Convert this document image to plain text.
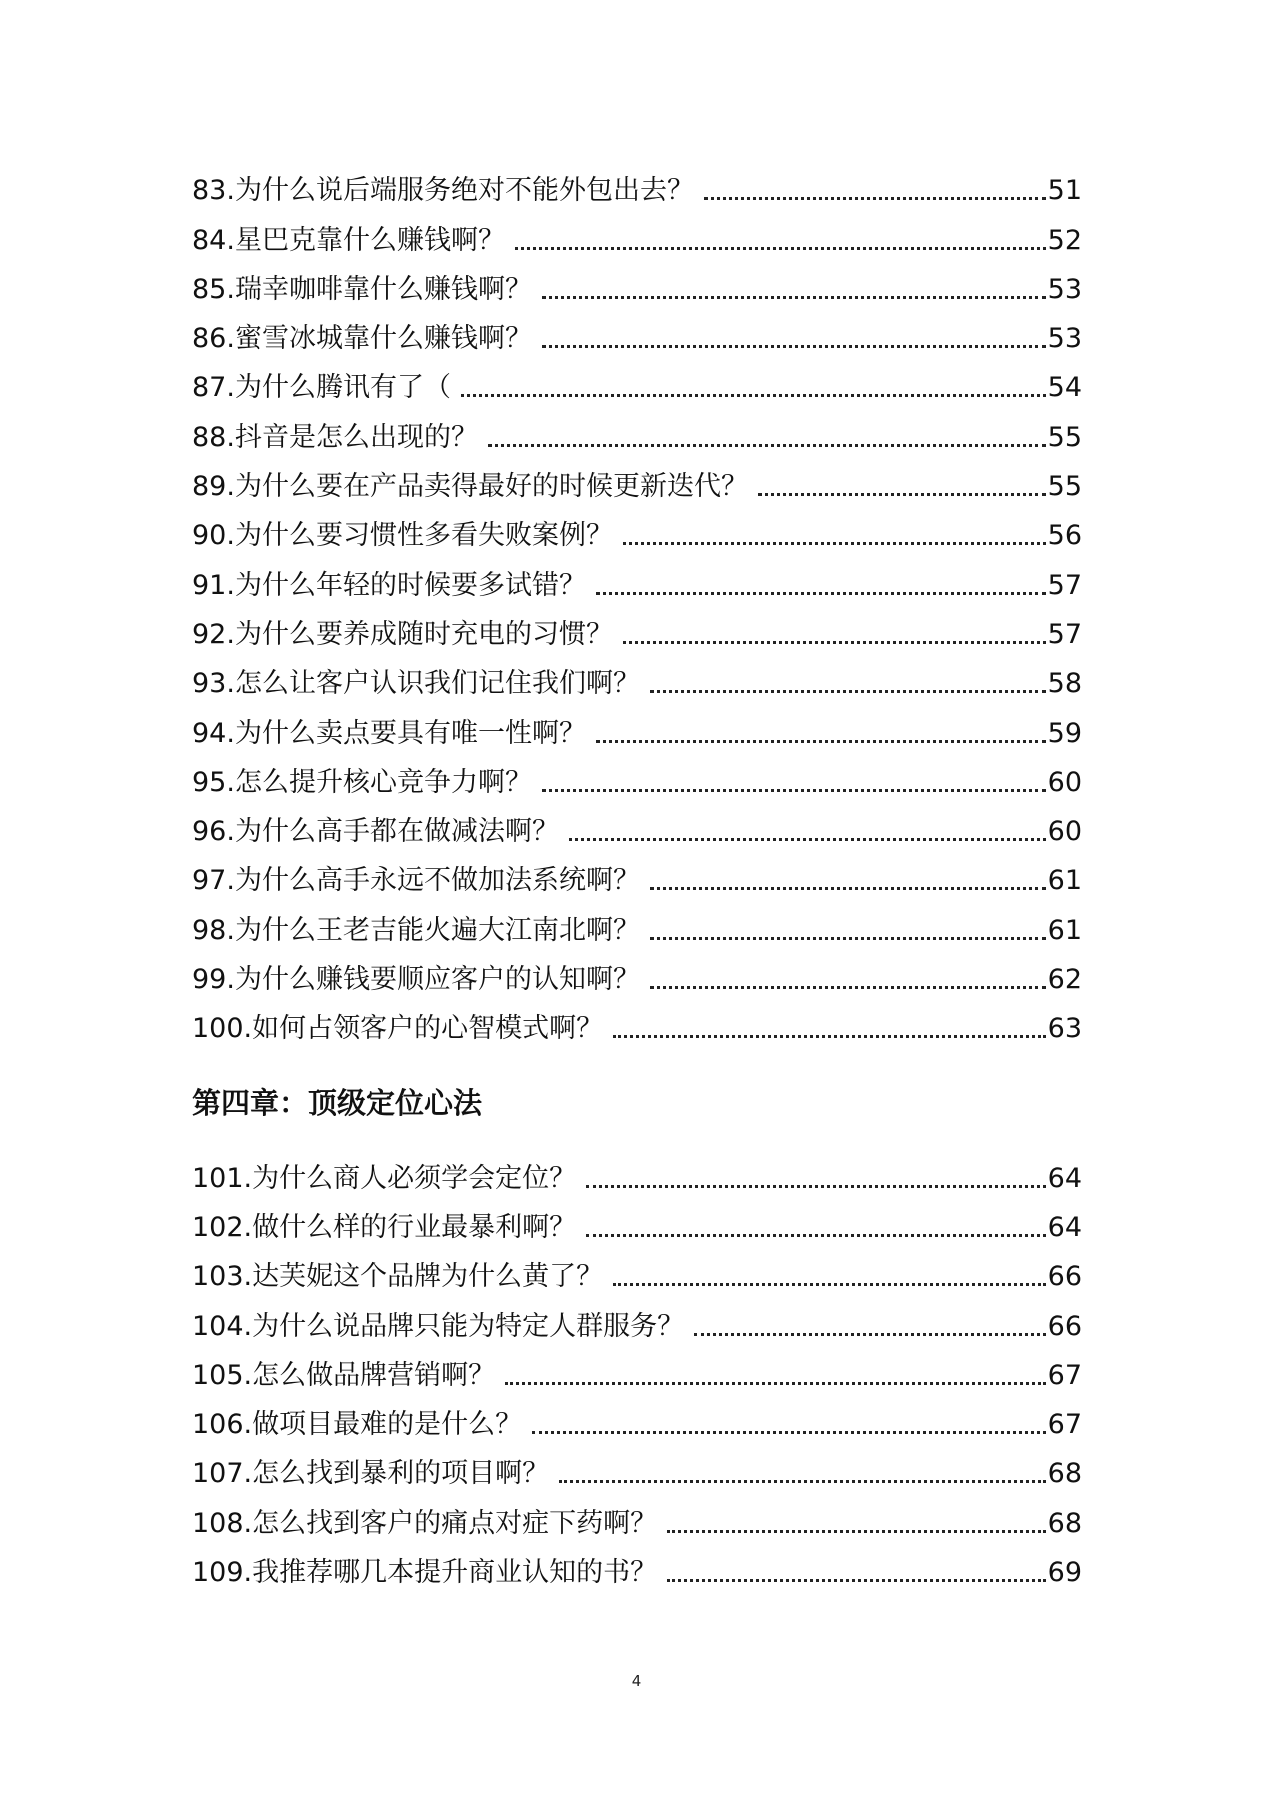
83.为什么说后端服务绝对不能外包出去？	51
84.星巴克靠什么赚钱啊？	52
85.瑞幸咖啡靠什么赚钱啊？	53
86.蜜雪冰城靠什么赚钱啊？	53
87.为什么腾讯有了（	54
88.抖音是怎么出现的？	55
89.为什么要在产品卖得最好的时候更新迭代？	55
90.为什么要习惯性多看失败案例？	56
91.为什么年轻的时候要多试错？	57
92.为什么要养成随时充电的习惯？	57
93.怎么让客户认识我们记住我们啊？	58
94.为什么卖点要具有唯一性啊？	59
95.怎么提升核心竞争力啊？	60
96.为什么高手都在做减法啊？	60
97.为什么高手永远不做加法系统啊？	61
98.为什么王老吉能火遍大江南北啊？	61
99.为什么赚钱要顺应客户的认知啊？	62
100.如何占领客户的心智模式啊？	63
第四章：顶级定位心法
101.为什么商人必须学会定位？	64
102.做什么样的行业最暴利啊？	64
103.达芙妮这个品牌为什么黄了？	66
104.为什么说品牌只能为特定人群服务？	66
105.怎么做品牌营销啊？	67
106.做项目最难的是什么？	67
107.怎么找到暴利的项目啊？	68
108.怎么找到客户的痛点对症下药啊？	68
109.我推荐哪几本提升商业认知的书？	69
4
